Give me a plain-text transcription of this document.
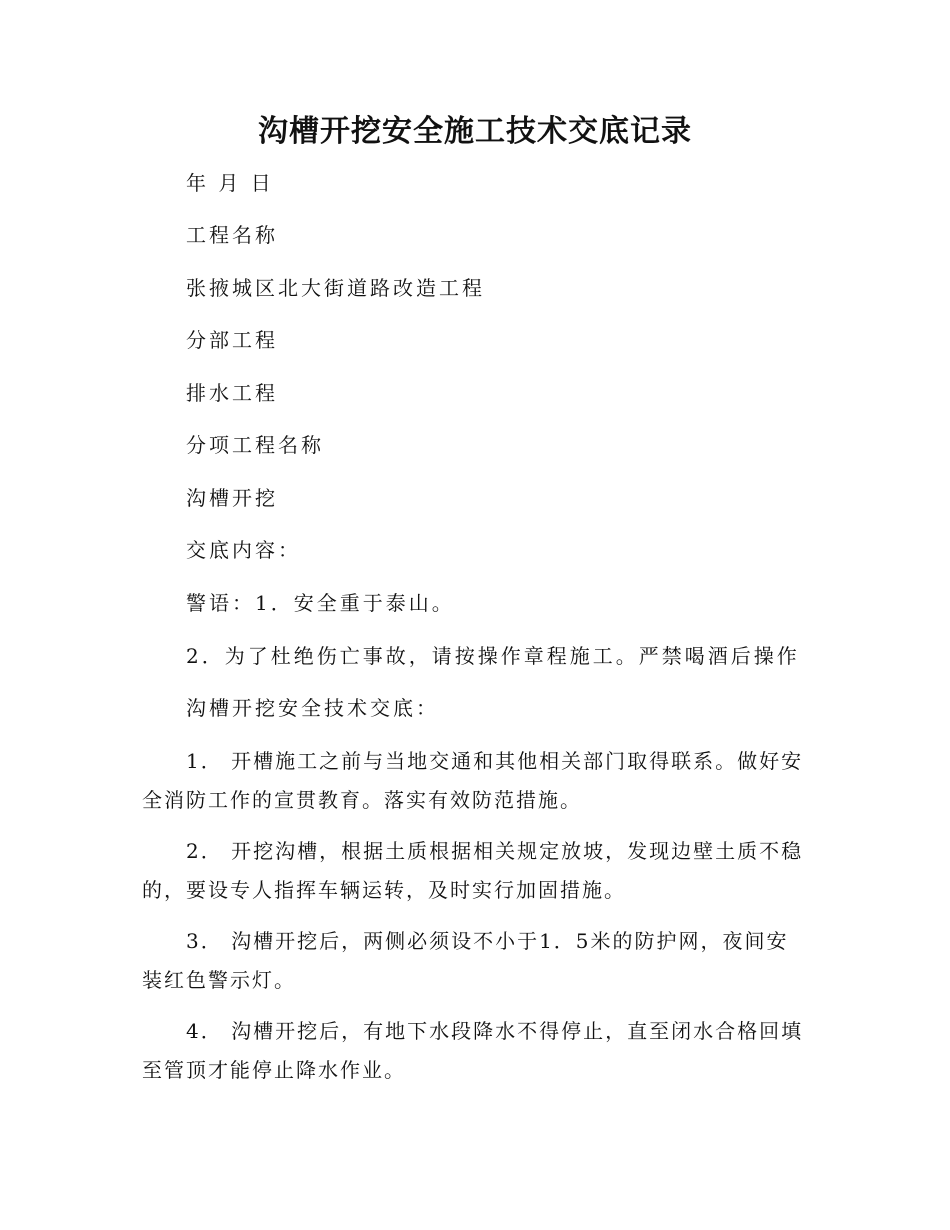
沟槽开挖安全施工技术交底记录
年 月 日
工程名称
张掖城区北大街道路改造工程
分部工程
排水工程
分项工程名称
沟槽开挖
交底内容：
警语：1．安全重于泰山。
2．为了杜绝伤亡事故，请按操作章程施工。严禁喝酒后操作
沟槽开挖安全技术交底：
1． 开槽施工之前与当地交通和其他相关部门取得联系。做好安全消防工作的宣贯教育。落实有效防范措施。
2． 开挖沟槽，根据土质根据相关规定放坡，发现边壁土质不稳的，要设专人指挥车辆运转，及时实行加固措施。
3． 沟槽开挖后，两侧必须设不小于1．5米的防护网，夜间安装红色警示灯。
4． 沟槽开挖后，有地下水段降水不得停止，直至闭水合格回填至管顶才能停止降水作业。
